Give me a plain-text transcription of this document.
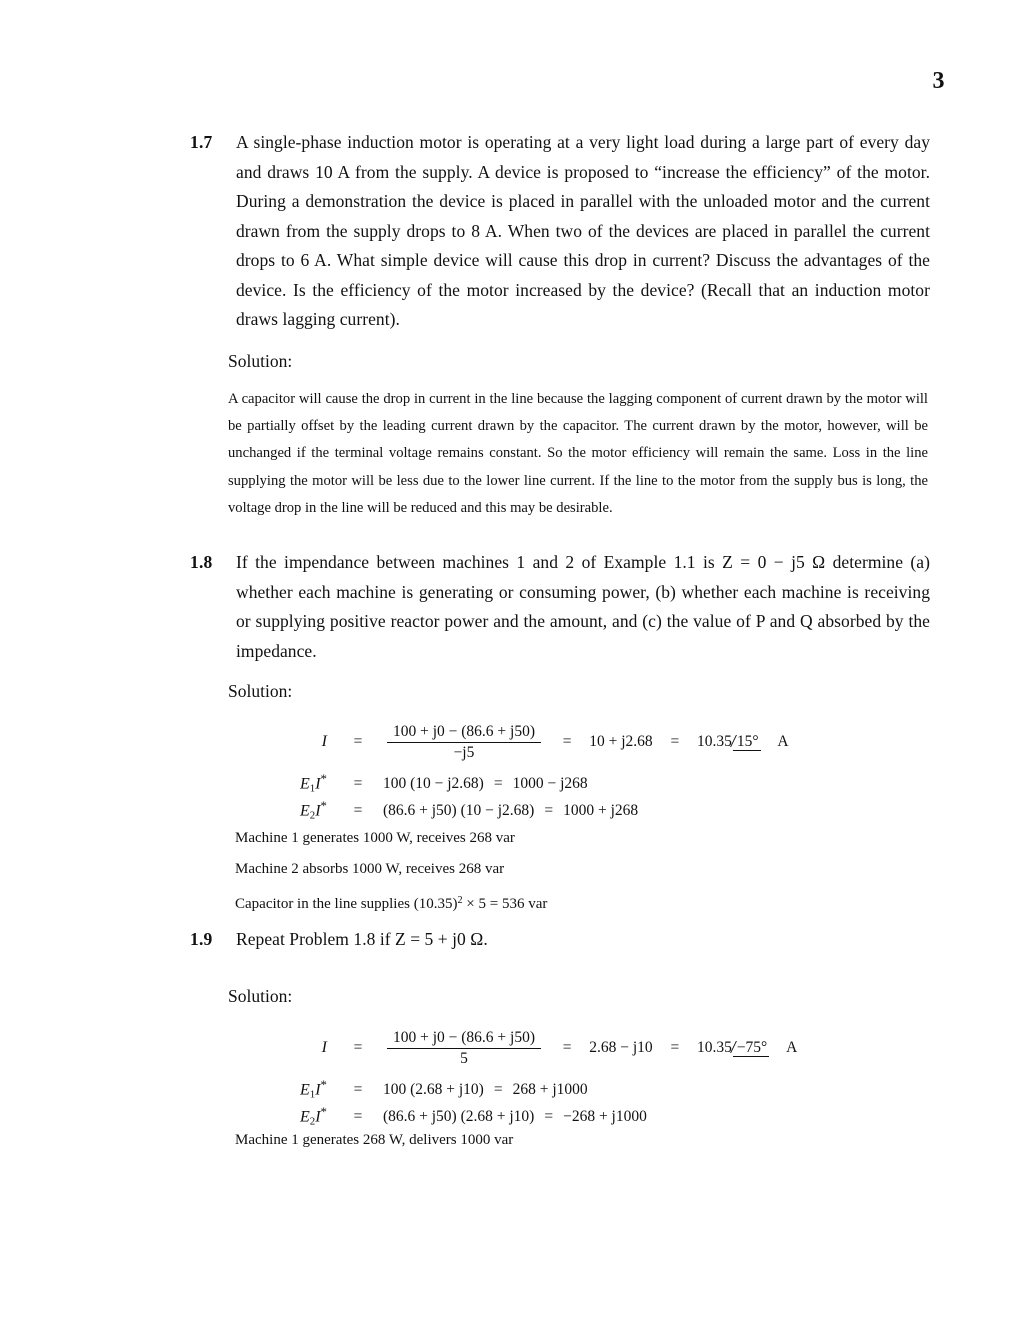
3
1.7	A single-phase induction motor is operating at a very light load during a large part of every day and draws 10 A from the supply. A device is proposed to “increase the efficiency” of the motor. During a demonstration the device is placed in parallel with the unloaded motor and the current drawn from the supply drops to 8 A. When two of the devices are placed in parallel the current drops to 6 A. What simple device will cause this drop in current? Discuss the advantages of the device. Is the efficiency of the motor increased by the device? (Recall that an induction motor draws lagging current).
Solution:
A capacitor will cause the drop in current in the line because the lagging component of current drawn by the motor will be partially offset by the leading current drawn by the capacitor. The current drawn by the motor, however, will be unchanged if the terminal voltage remains constant. So the motor efficiency will remain the same. Loss in the line supplying the motor will be less due to the lower line current. If the line to the motor from the supply bus is long, the voltage drop in the line will be reduced and this may be desirable.
1.8	If the impendance between machines 1 and 2 of Example 1.1 is Z = 0 − j5 Ω determine (a) whether each machine is generating or consuming power, (b) whether each machine is receiving or supplying positive reactor power and the amount, and (c) the value of P and Q absorbed by the impedance.
Solution:
I	=	$\frac{100 + j0 - (86.6 + j50)}{-j5} = 10 + j2.68 = 10.35$ 15° A
$E_1I^*$	=	100 (10 − j2.68) = 1000 − j268
$E_2I^*$	=	(86.6 + j50) (10 − j2.68) = 1000 + j268
Machine 1 generates 1000 W, receives 268 var
Machine 2 absorbs 1000 W, receives 268 var
Capacitor in the line supplies $(10.35)^2 \times 5 = 536$ var
1.9	Repeat Problem 1.8 if Z = 5 + j0 Ω.
Solution:
I	=	$\frac{100 + j0 - (86.6 + j50)}{5} = 2.68 - j10 = 10.35 -75^\circ$ A
$E_1I^*$	=	100 (2.68 + j10) = 268 + j1000
$E_2I^*$	=	(86.6 + j50) (2.68 + j10) = −268 + j1000
Machine 1 generates 268 W, delivers 1000 var
